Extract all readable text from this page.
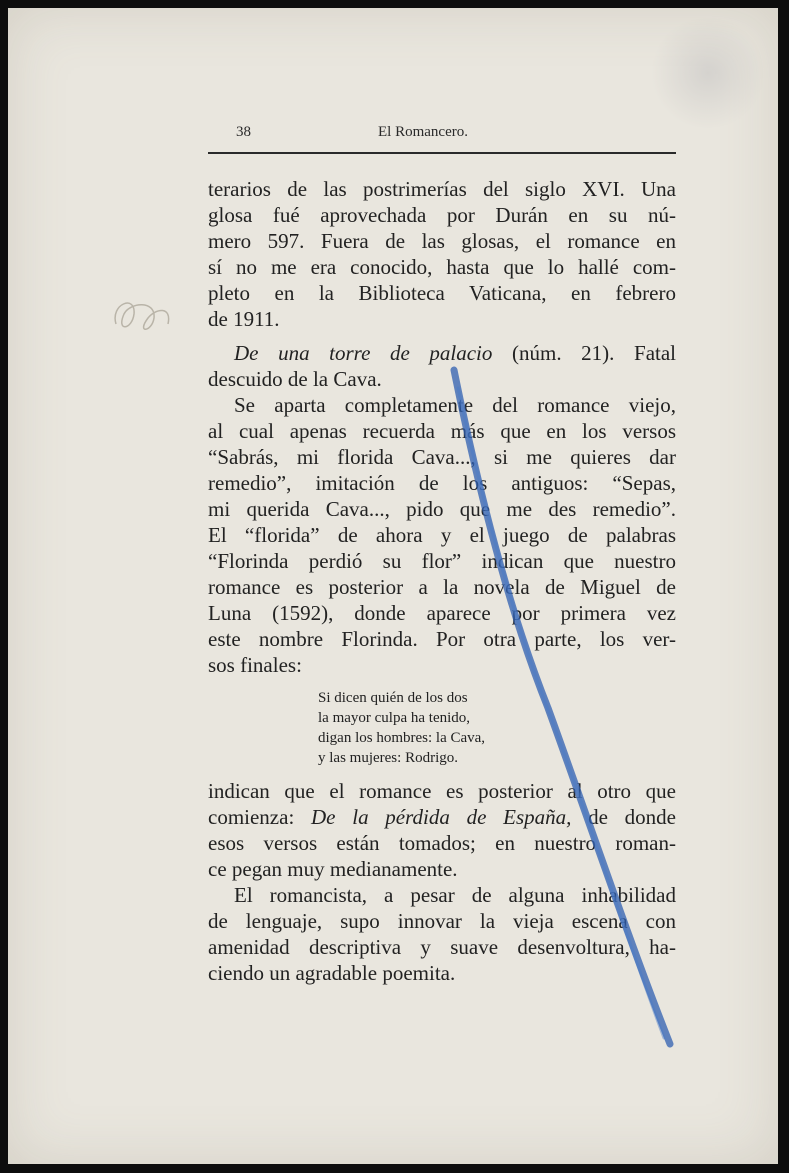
38	El Romancero.
terarios de las postrimerías del siglo XVI. Una
glosa fué aprovechada por Durán en su nú-
mero 597. Fuera de las glosas, el romance en
sí no me era conocido, hasta que lo hallé com-
pleto en la Biblioteca Vaticana, en febrero
de 1911.
De una torre de palacio (núm. 21). Fatal
descuido de la Cava.
Se aparta completamente del romance viejo,
al cual apenas recuerda más que en los versos
“Sabrás, mi florida Cava..., si me quieres dar
remedio”, imitación de los antiguos: “Sepas,
mi querida Cava..., pido que me des remedio”.
El “florida” de ahora y el juego de palabras
“Florinda perdió su flor” indican que nuestro
romance es posterior a la novela de Miguel de
Luna (1592), donde aparece por primera vez
este nombre Florinda. Por otra parte, los ver-
sos finales:
Si dicen quién de los dos
la mayor culpa ha tenido,
digan los hombres: la Cava,
y las mujeres: Rodrigo.
indican que el romance es posterior al otro que
comienza: De la pérdida de España, de donde
esos versos están tomados; en nuestro roman-
ce pegan muy medianamente.
El romancista, a pesar de alguna inhabilidad
de lenguaje, supo innovar la vieja escena con
amenidad descriptiva y suave desenvoltura, ha-
ciendo un agradable poemita.
